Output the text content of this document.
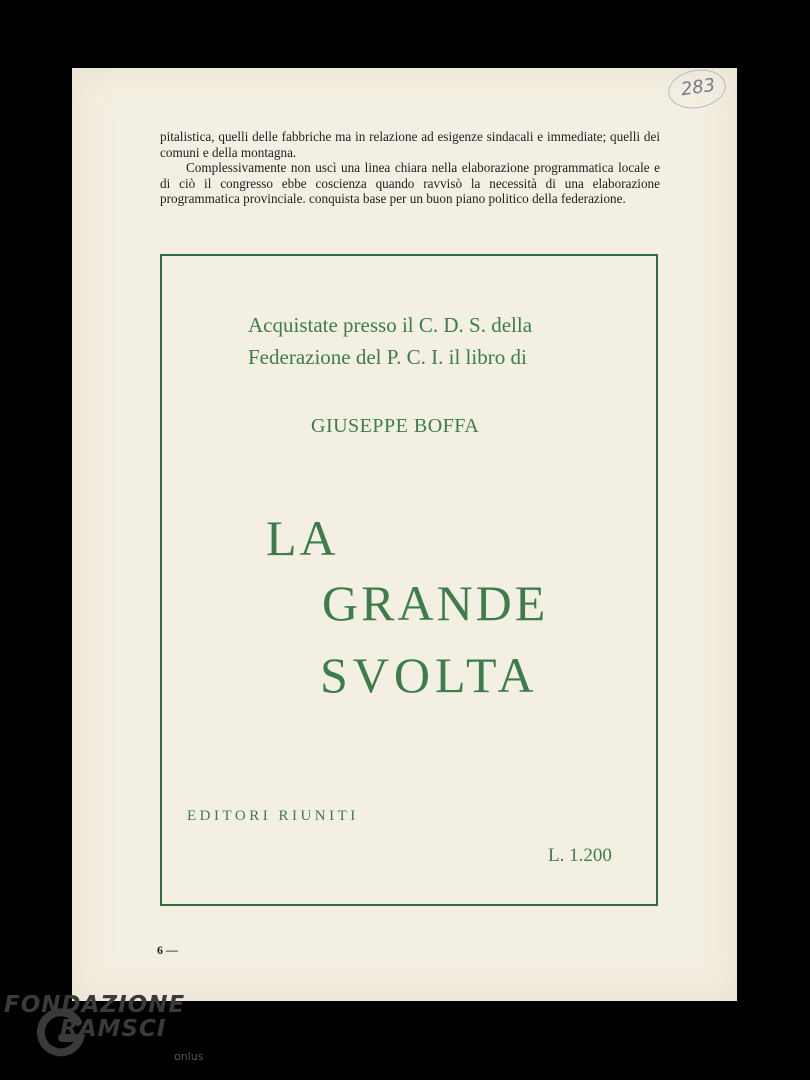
283

pitalistica, quelli delle fabbriche ma in relazione ad esigenze sindacali e immediate; quelli dei comuni e della montagna.

Complessivamente non uscì una linea chiara nella elaborazione programmatica locale e di ciò il congresso ebbe coscienza quando ravvisò la necessità di una elaborazione programmatica provinciale. conquista base per un buon piano politico della federazione.

Acquistate presso il C. D. S. della
Federazione del P. C. I. il libro di
GIUSEPPE BOFFA
LA
GRANDE
SVOLTA
EDITORI RIUNITI
L. 1.200
6 —
FONDAZIONE
RAMSCI
onlus
